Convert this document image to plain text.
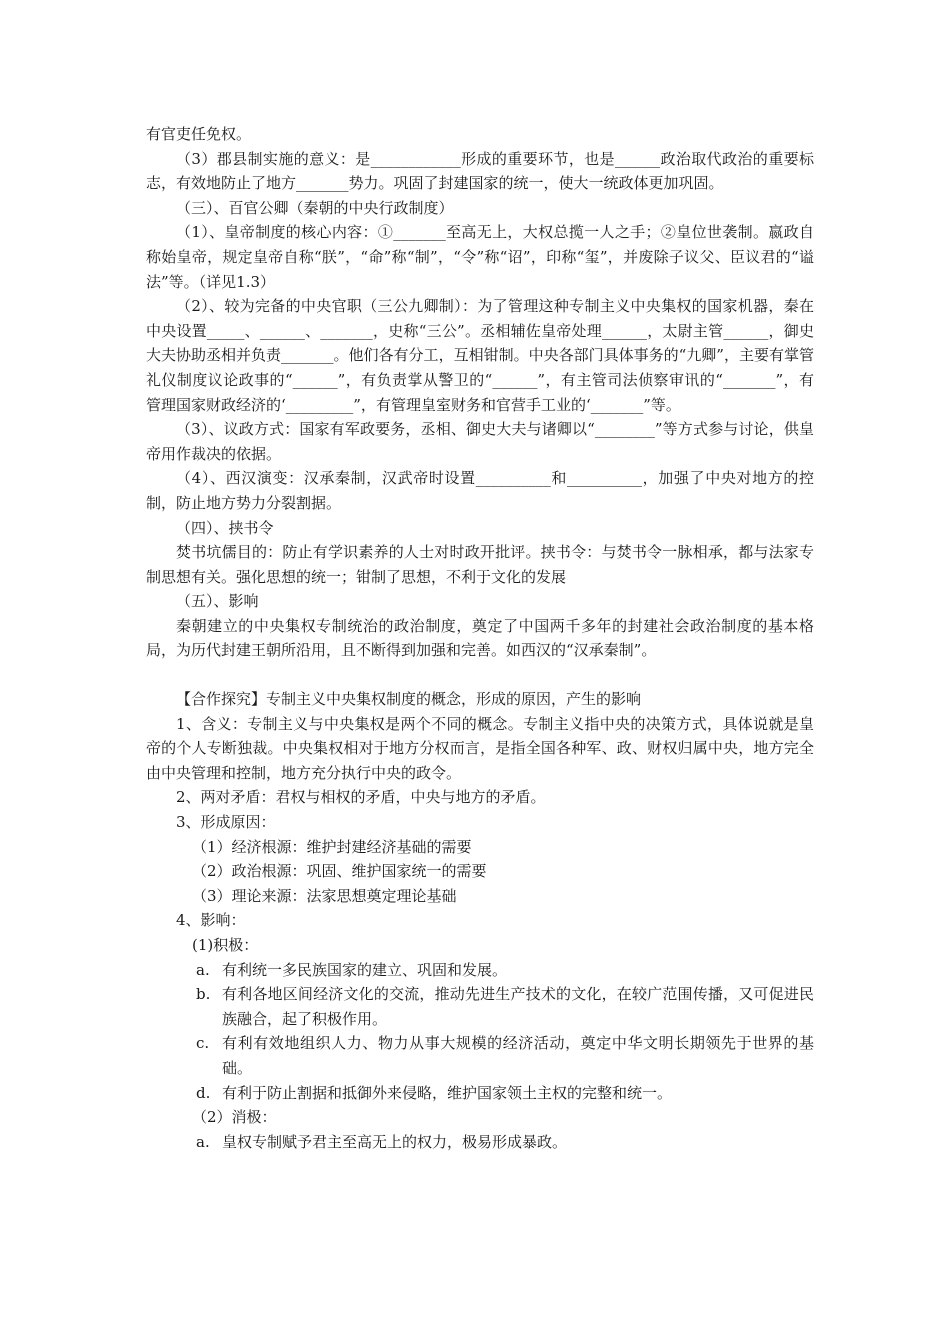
有官吏任免权。

（3）郡县制实施的意义：是____________形成的重要环节，也是______政治取代政治的重要标志，有效地防止了地方_______势力。巩固了封建国家的统一，使大一统政体更加巩固。

（三）、百官公卿（秦朝的中央行政制度）

（1）、皇帝制度的核心内容：①_______至高无上，大权总揽一人之手；②皇位世袭制。嬴政自称始皇帝，规定皇帝自称“朕”，“命”称“制”，“令”称“诏”，印称“玺”，并废除子议父、臣议君的“谥法”等。（详见1.3）

（2）、较为完备的中央官职（三公九卿制）：为了管理这种专制主义中央集权的国家机器，秦在中央设置_____、______、_______，史称“三公”。丞相辅佐皇帝处理______，太尉主管______，御史大夫协助丞相并负责_______。他们各有分工，互相钳制。中央各部门具体事务的“九卿”，主要有掌管礼仪制度议论政事的“______”，有负责掌从警卫的“______”，有主管司法侦察审讯的“_______”，有管理国家财政经济的‘_________”，有管理皇室财务和官营手工业的‘_______”等。

（3）、议政方式：国家有军政要务，丞相、御史大夫与诸卿以“________”等方式参与讨论，供皇帝用作裁决的依据。

（4）、西汉演变：汉承秦制，汉武帝时设置__________和__________，加强了中央对地方的控制，防止地方势力分裂割据。

（四）、挟书令

焚书坑儒目的：防止有学识素养的人士对时政开批评。挟书令：与焚书令一脉相承，都与法家专制思想有关。强化思想的统一；钳制了思想，不利于文化的发展

（五）、影响

秦朝建立的中央集权专制统治的政治制度，奠定了中国两千多年的封建社会政治制度的基本格局，为历代封建王朝所沿用，且不断得到加强和完善。如西汉的“汉承秦制”。

【合作探究】专制主义中央集权制度的概念，形成的原因，产生的影响

1、含义：专制主义与中央集权是两个不同的概念。专制主义指中央的决策方式，具体说就是皇帝的个人专断独裁。中央集权相对于地方分权而言，是指全国各种军、政、财权归属中央，地方完全由中央管理和控制，地方充分执行中央的政令。

2、两对矛盾：君权与相权的矛盾，中央与地方的矛盾。

3、形成原因：

（1）经济根源：维护封建经济基础的需要

（2）政治根源：巩固、维护国家统一的需要

（3）理论来源：法家思想奠定理论基础

4、影响：

(1)积极：

a. 有利统一多民族国家的建立、巩固和发展。
b. 有利各地区间经济文化的交流，推动先进生产技术的文化，在较广范围传播，又可促进民族融合，起了积极作用。
c. 有利有效地组织人力、物力从事大规模的经济活动，奠定中华文明长期领先于世界的基础。
d. 有利于防止割据和抵御外来侵略，维护国家领土主权的完整和统一。

（2）消极：

a. 皇权专制赋予君主至高无上的权力，极易形成暴政。
